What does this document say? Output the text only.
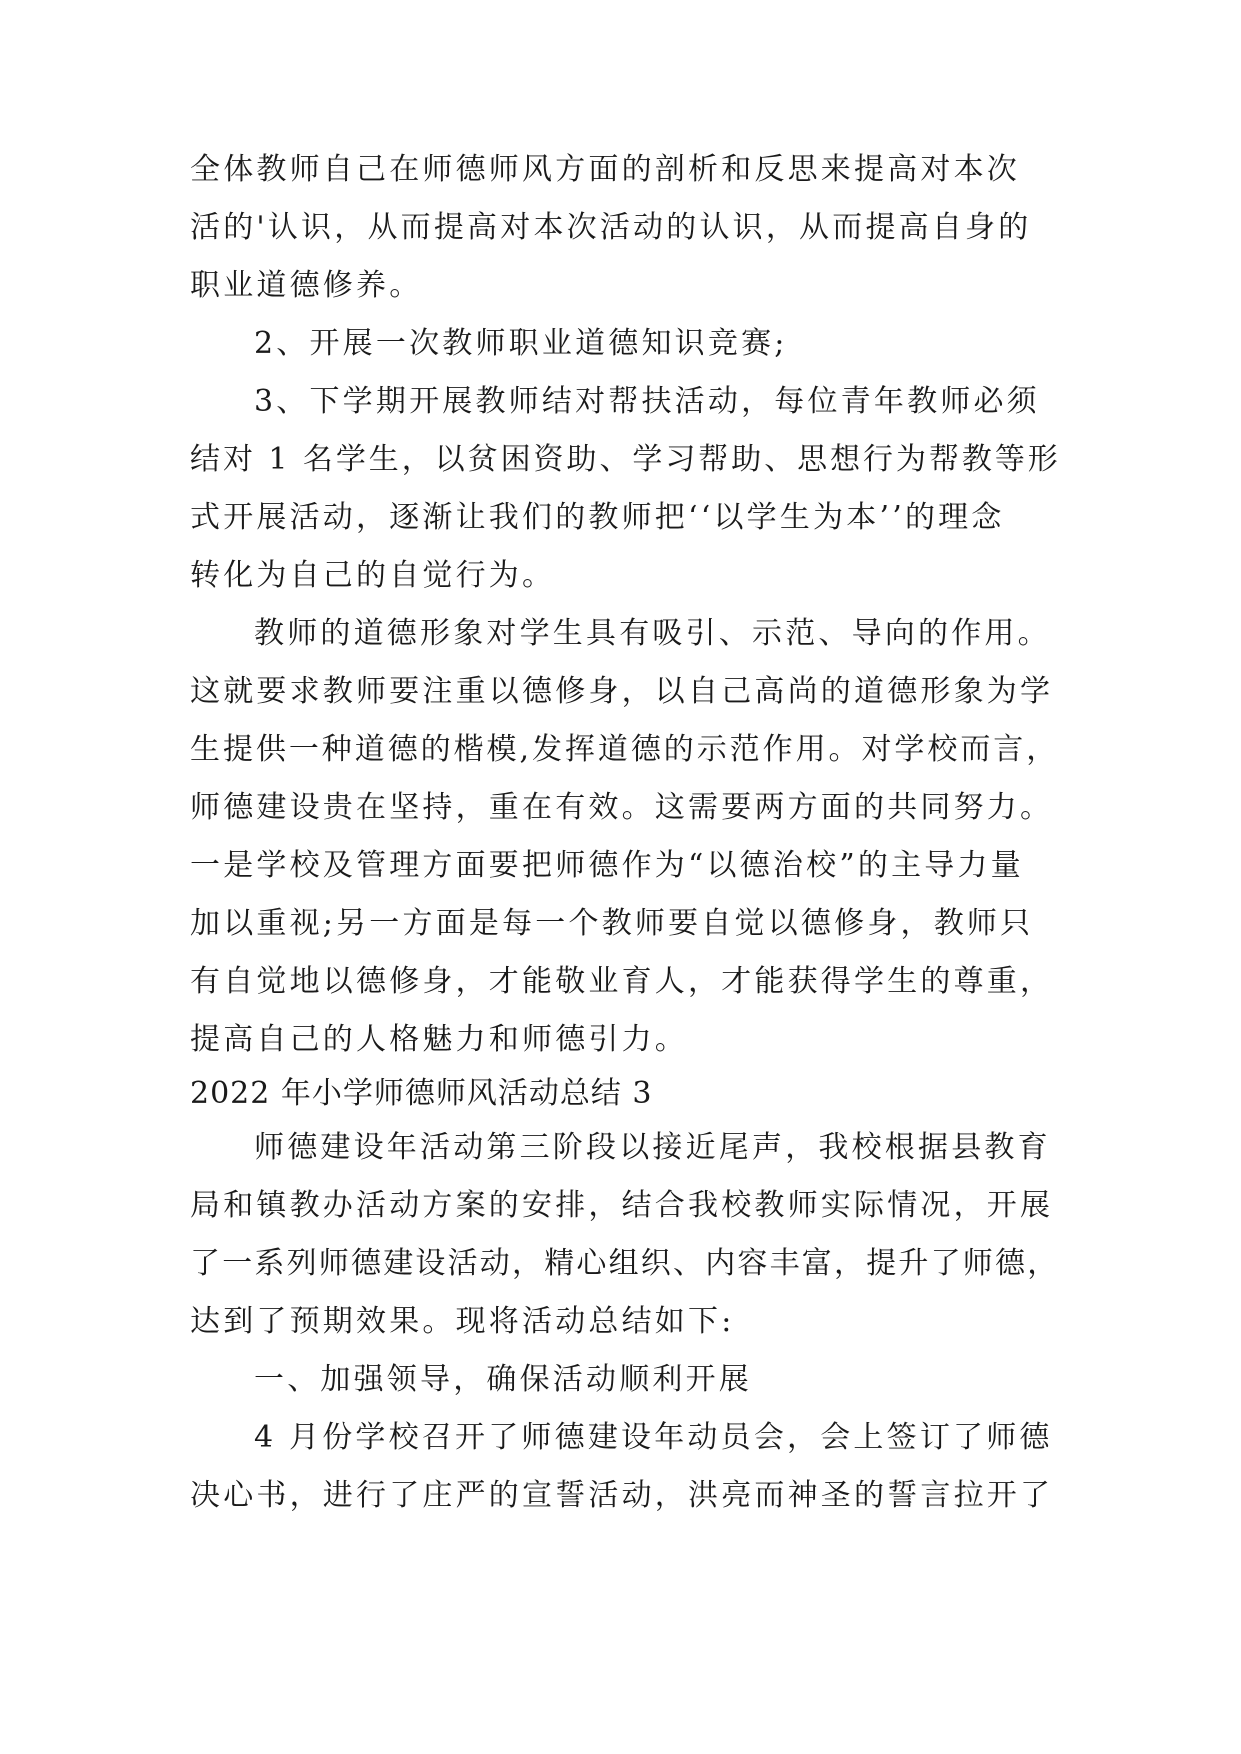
全体教师自己在师德师风方面的剖析和反思来提高对本次
活的'认识，从而提高对本次活动的认识，从而提高自身的
职业道德修养。
2、开展一次教师职业道德知识竞赛;
3、下学期开展教师结对帮扶活动，每位青年教师必须
结对 1 名学生，以贫困资助、学习帮助、思想行为帮教等形
式开展活动，逐渐让我们的教师把‘‘以学生为本’’的理念
转化为自己的自觉行为。
教师的道德形象对学生具有吸引、示范、导向的作用。
这就要求教师要注重以德修身，以自己高尚的道德形象为学
生提供一种道德的楷模,发挥道德的示范作用。对学校而言，
师德建设贵在坚持，重在有效。这需要两方面的共同努力。
一是学校及管理方面要把师德作为“以德治校”的主导力量
加以重视;另一方面是每一个教师要自觉以德修身，教师只
有自觉地以德修身，才能敬业育人，才能获得学生的尊重，
提高自己的人格魅力和师德引力。
2022 年小学师德师风活动总结 3
师德建设年活动第三阶段以接近尾声，我校根据县教育
局和镇教办活动方案的安排，结合我校教师实际情况，开展
了一系列师德建设活动，精心组织、内容丰富，提升了师德，
达到了预期效果。现将活动总结如下:
一、加强领导，确保活动顺利开展
4 月份学校召开了师德建设年动员会，会上签订了师德
决心书，进行了庄严的宣誓活动，洪亮而神圣的誓言拉开了
